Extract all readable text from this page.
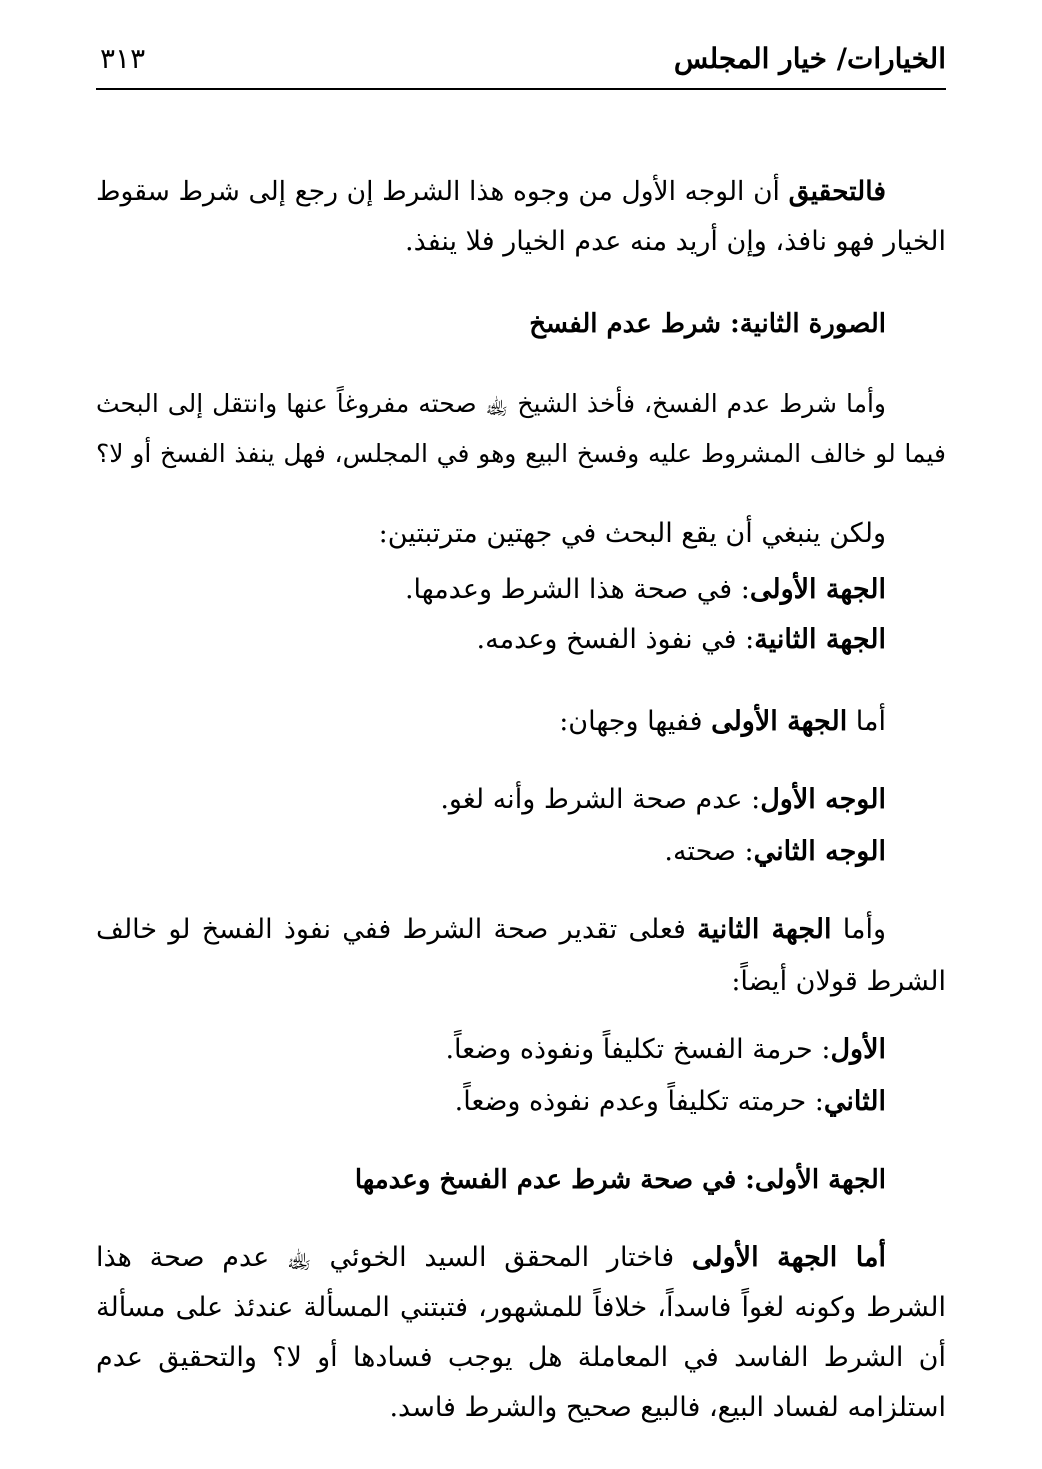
الخيارات/ خيار المجلس
٣١٣
فالتحقيق أن الوجه الأول من وجوه هذا الشرط إن رجع إلى شرط سقوط
الخيار فهو نافذ، وإن أريد منه عدم الخيار فلا ينفذ.
الصورة الثانية: شرط عدم الفسخ
وأما شرط عدم الفسخ، فأخذ الشيخ ﵀ صحته مفروغاً عنها وانتقل إلى البحث
فيما لو خالف المشروط عليه وفسخ البيع وهو في المجلس، فهل ينفذ الفسخ أو لا؟
ولكن ينبغي أن يقع البحث في جهتين مترتبتين:
الجهة الأولى: في صحة هذا الشرط وعدمها.
الجهة الثانية: في نفوذ الفسخ وعدمه.
أما الجهة الأولى ففيها وجهان:
الوجه الأول: عدم صحة الشرط وأنه لغو.
الوجه الثاني: صحته.
وأما الجهة الثانية فعلى تقدير صحة الشرط ففي نفوذ الفسخ لو خالف
الشرط قولان أيضاً:
الأول: حرمة الفسخ تكليفاً ونفوذه وضعاً.
الثاني: حرمته تكليفاً وعدم نفوذه وضعاً.
الجهة الأولى: في صحة شرط عدم الفسخ وعدمها
أما الجهة الأولى فاختار المحقق السيد الخوئي ﵀ عدم صحة هذا
الشرط وكونه لغواً فاسداً، خلافاً للمشهور، فتبتني المسألة عندئذ على مسألة
أن الشرط الفاسد في المعاملة هل يوجب فسادها أو لا؟ والتحقيق عدم
استلزامه لفساد البيع، فالبيع صحيح والشرط فاسد.
